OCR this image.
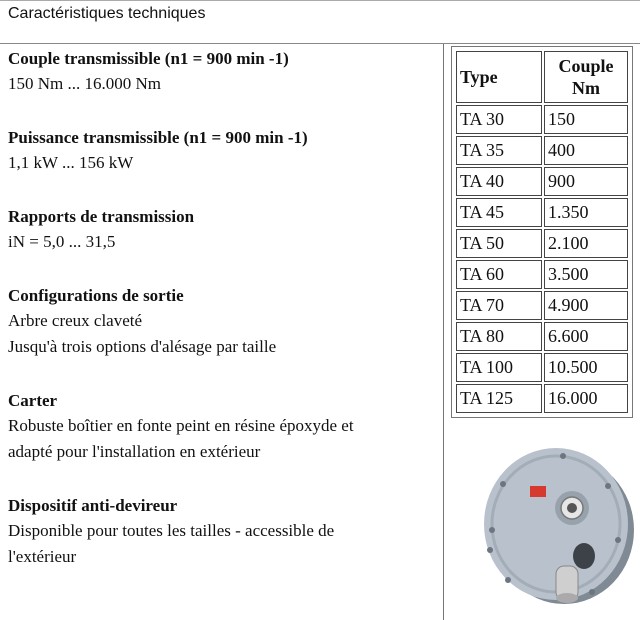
Caractéristiques techniques
Couple transmissible (n1 = 900 min -1)
150 Nm ... 16.000 Nm
Puissance transmissible (n1 = 900 min -1)
1,1 kW ... 156 kW
Rapports de transmission
iN = 5,0 ... 31,5
Configurations de sortie
Arbre creux claveté
Jusqu'à trois options d'alésage par taille
Carter
Robuste boîtier en fonte peint en résine époxyde et
adapté pour l'installation en extérieur
Dispositif anti-devireur
Disponible pour toutes les tailles - accessible de
l'extérieur
Type	Couple Nm
TA 30	150
TA 35	400
TA 40	900
TA 45	1.350
TA 50	2.100
TA 60	3.500
TA 70	4.900
TA 80	6.600
TA 100	10.500
TA 125	16.000
